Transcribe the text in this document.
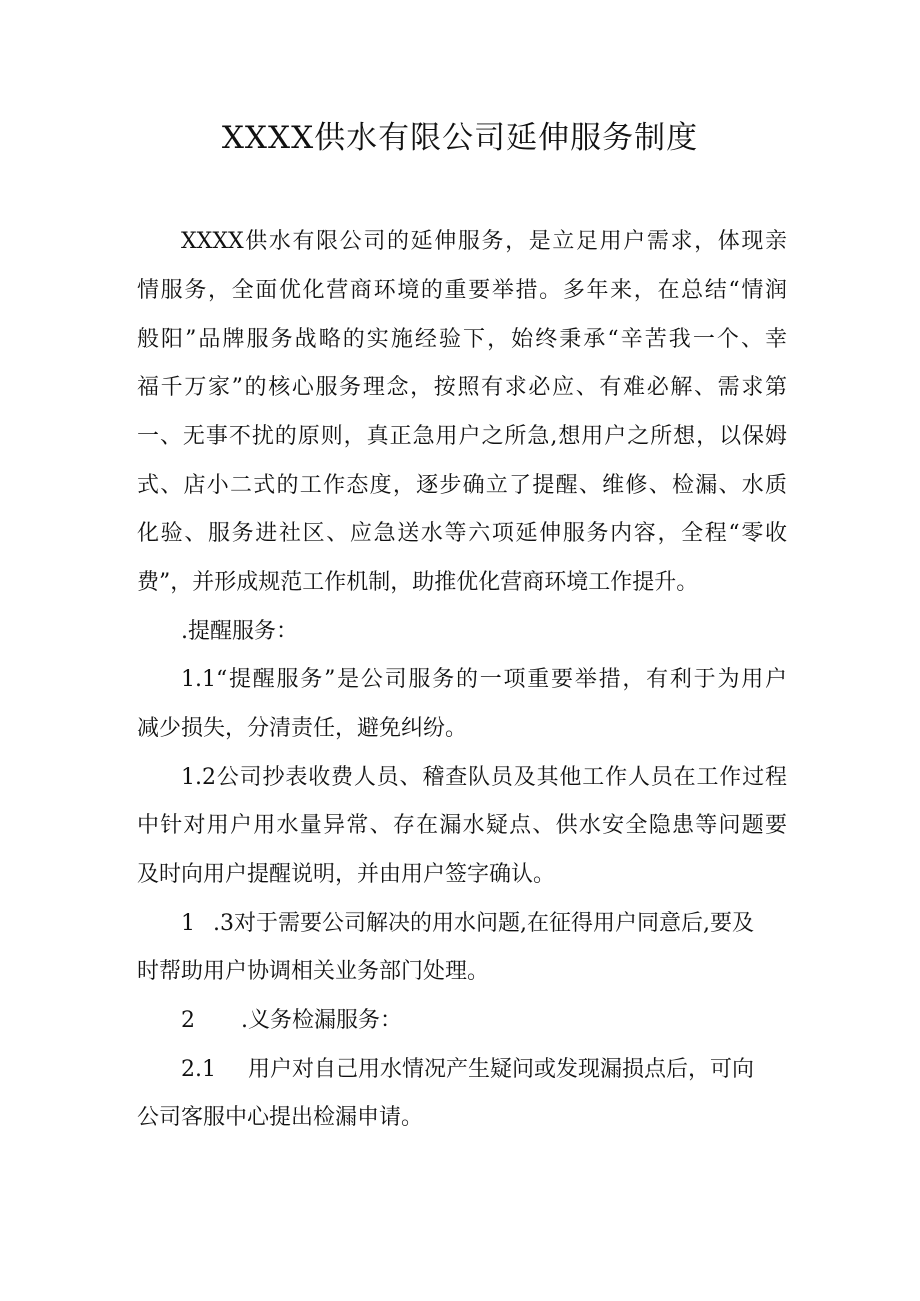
XXXX供水有限公司延伸服务制度
XXXX供水有限公司的延伸服务，是立足用户需求，体现亲
情服务，全面优化营商环境的重要举措。多年来，在总结“情润
般阳”品牌服务战略的实施经验下，始终秉承“辛苦我一个、幸
福千万家”的核心服务理念，按照有求必应、有难必解、需求第
一、无事不扰的原则，真正急用户之所急,想用户之所想，以保姆
式、店小二式的工作态度，逐步确立了提醒、维修、检漏、水质
化验、服务进社区、应急送水等六项延伸服务内容，全程“零收
费”，并形成规范工作机制，助推优化营商环境工作提升。
.提醒服务：
1.1“提醒服务”是公司服务的一项重要举措，有利于为用户
减少损失，分清责任，避免纠纷。
1.2公司抄表收费人员、稽查队员及其他工作人员在工作过程
中针对用户用水量异常、存在漏水疑点、供水安全隐患等问题要
及时向用户提醒说明，并由用户签字确认。
1 .3对于需要公司解决的用水问题,在征得用户同意后,要及
时帮助用户协调相关业务部门处理。
2 .义务检漏服务：
2.1 用户对自己用水情况产生疑问或发现漏损点后，可向
公司客服中心提出检漏申请。
